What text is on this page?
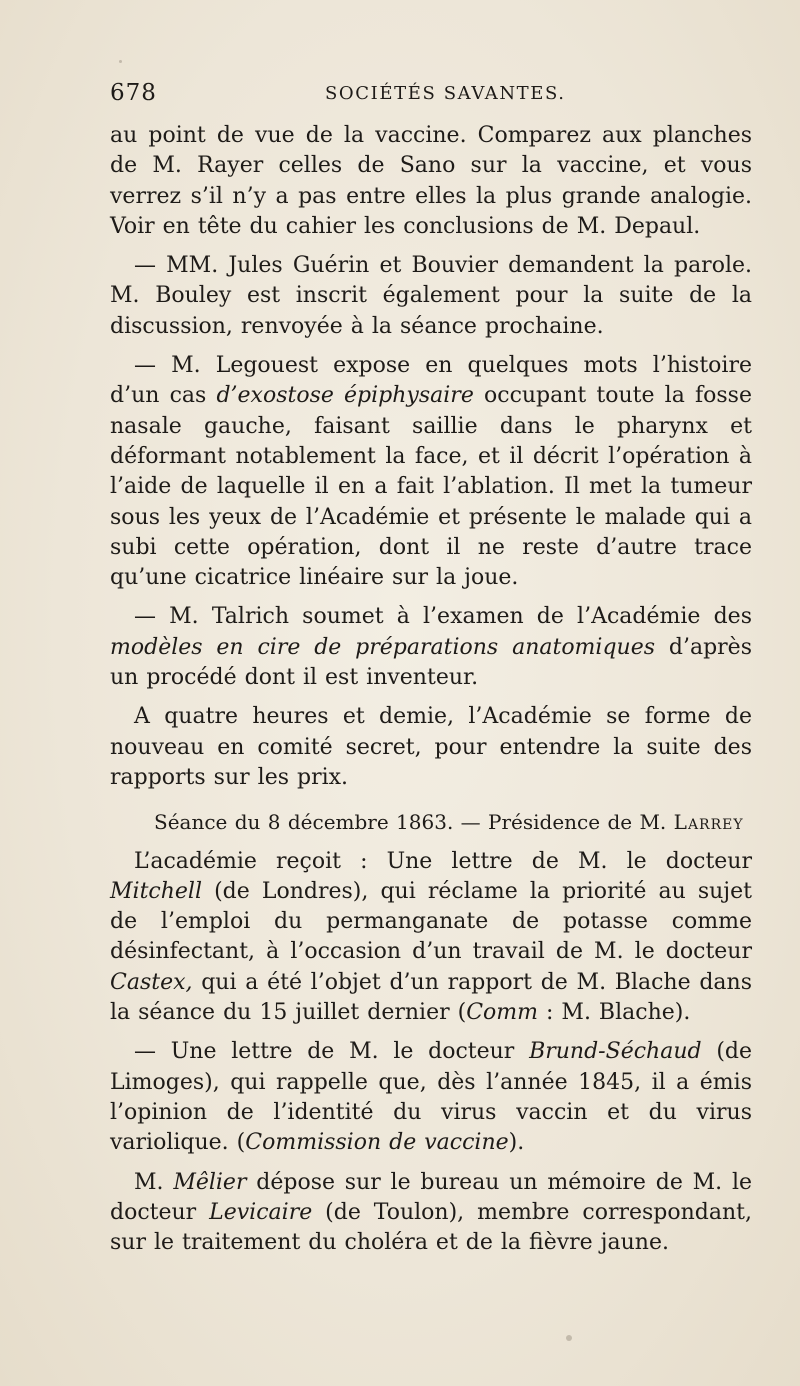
678	SOCIÉTÉS SAVANTES.

au point de vue de la vaccine. Comparez aux planches de M. Rayer celles de Sano sur la vaccine, et vous verrez s’il n’y a pas entre elles la plus grande analogie. Voir en tête du cahier les conclusions de M. Depaul.

— MM. Jules Guérin et Bouvier demandent la parole. M. Bouley est inscrit également pour la suite de la discussion, renvoyée à la séance prochaine.

— M. Legouest expose en quelques mots l’histoire d’un cas d’exostose épiphysaire occupant toute la fosse nasale gauche, faisant saillie dans le pharynx et déformant notablement la face, et il décrit l’opération à l’aide de laquelle il en a fait l’ablation. Il met la tumeur sous les yeux de l’Académie et présente le malade qui a subi cette opération, dont il ne reste d’autre trace qu’une cicatrice linéaire sur la joue.

— M. Talrich soumet à l’examen de l’Académie des modèles en cire de préparations anatomiques d’après un procédé dont il est inventeur.

A quatre heures et demie, l’Académie se forme de nouveau en comité secret, pour entendre la suite des rapports sur les prix.

Séance du 8 décembre 1863. — Présidence de M. Larrey

L’académie reçoit : Une lettre de M. le docteur Mitchell (de Londres), qui réclame la priorité au sujet de l’emploi du permanganate de potasse comme désinfectant, à l’occasion d’un travail de M. le docteur Castex, qui a été l’objet d’un rapport de M. Blache dans la séance du 15 juillet dernier (Comm : M. Blache).

— Une lettre de M. le docteur Brund-Séchaud (de Limoges), qui rappelle que, dès l’année 1845, il a émis l’opinion de l’identité du virus vaccin et du virus variolique. (Commission de vaccine).

M. Mêlier dépose sur le bureau un mémoire de M. le docteur Levicaire (de Toulon), membre correspondant, sur le traitement du choléra et de la fièvre jaune.
